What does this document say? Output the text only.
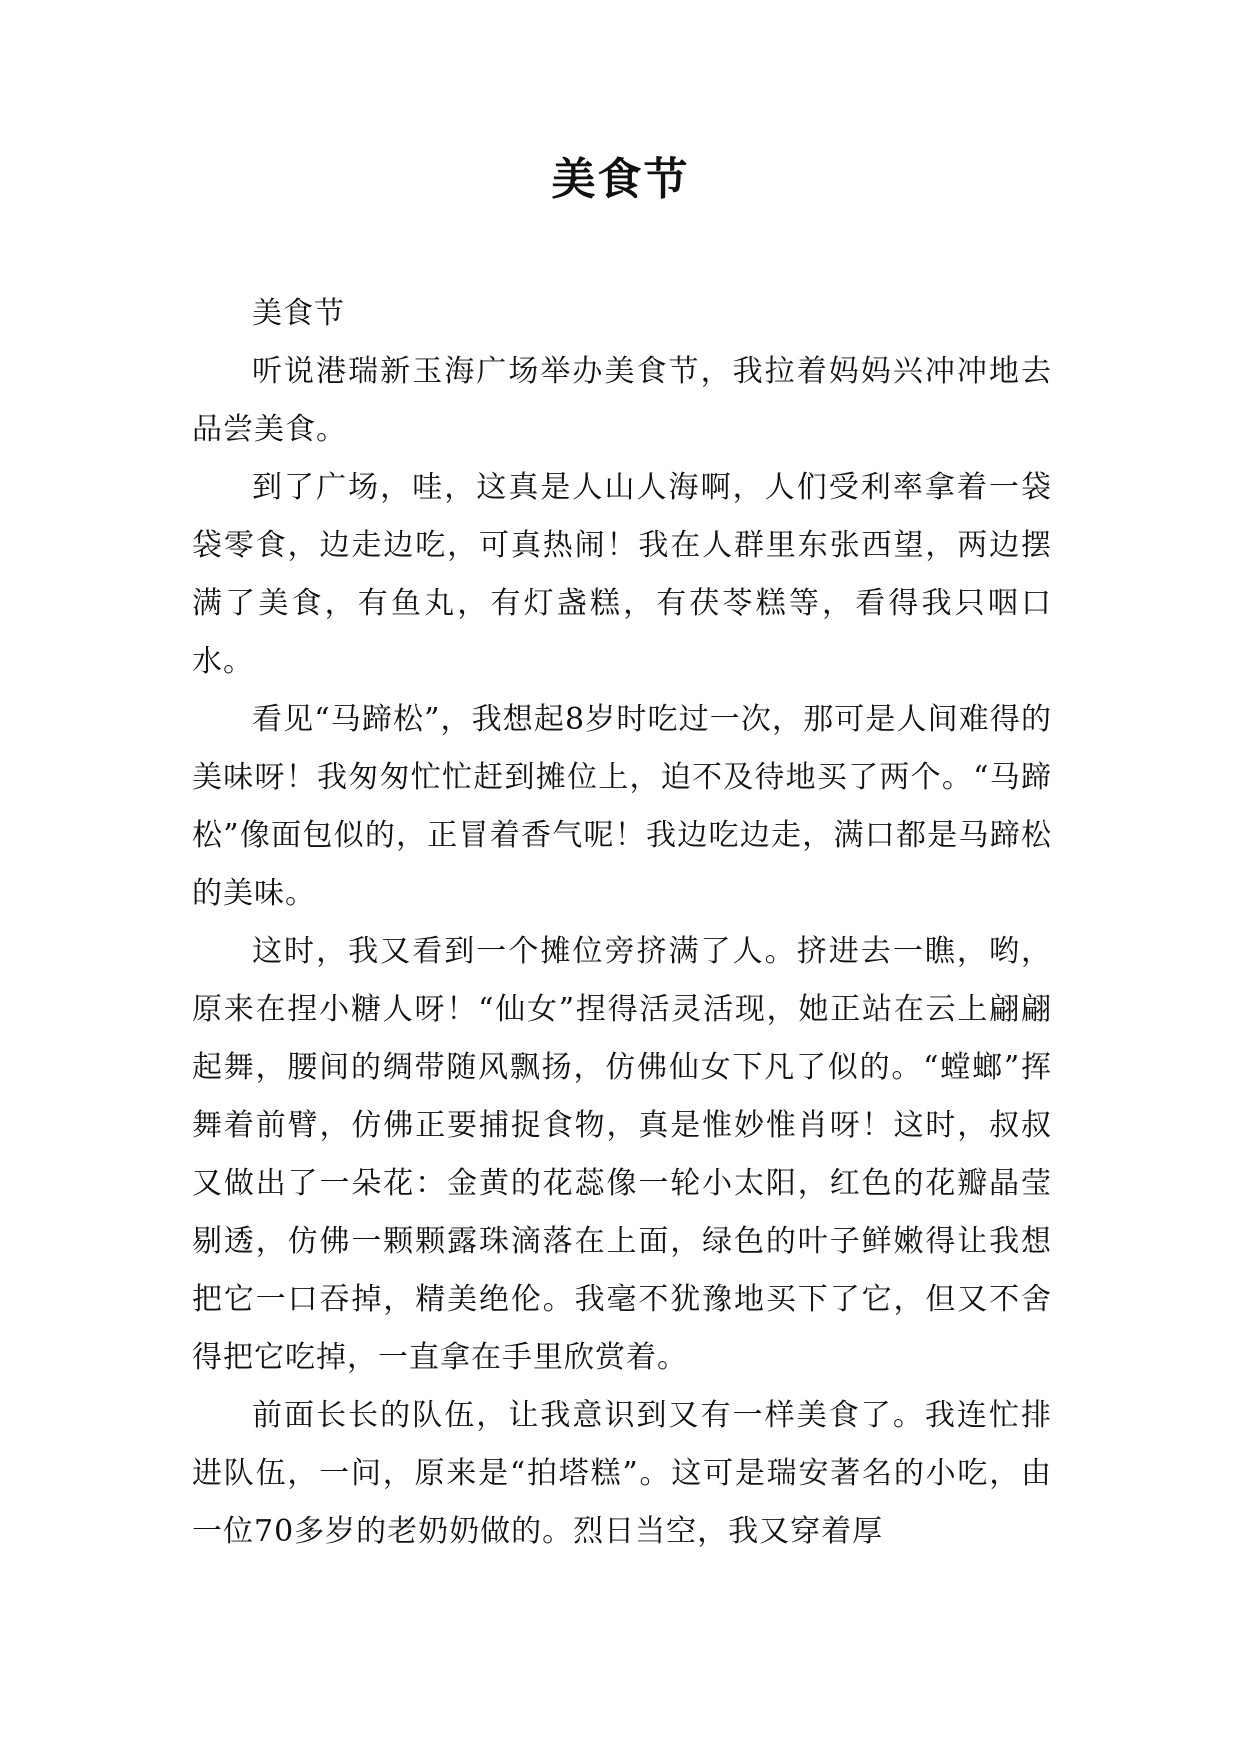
美食节

美食节

听说港瑞新玉海广场举办美食节，我拉着妈妈兴冲冲地去品尝美食。

到了广场，哇，这真是人山人海啊，人们受利率拿着一袋袋零食，边走边吃，可真热闹！我在人群里东张西望，两边摆满了美食，有鱼丸，有灯盏糕，有茯苓糕等，看得我只咽口水。

看见“马蹄松”，我想起8岁时吃过一次，那可是人间难得的美味呀！我匆匆忙忙赶到摊位上，迫不及待地买了两个。“马蹄松”像面包似的，正冒着香气呢！我边吃边走，满口都是马蹄松的美味。

这时，我又看到一个摊位旁挤满了人。挤进去一瞧，哟，原来在捏小糖人呀！“仙女”捏得活灵活现，她正站在云上翩翩起舞，腰间的绸带随风飘扬，仿佛仙女下凡了似的。“螳螂”挥舞着前臂，仿佛正要捕捉食物，真是惟妙惟肖呀！这时，叔叔又做出了一朵花：金黄的花蕊像一轮小太阳，红色的花瓣晶莹剔透，仿佛一颗颗露珠滴落在上面，绿色的叶子鲜嫩得让我想把它一口吞掉，精美绝伦。我毫不犹豫地买下了它，但又不舍得把它吃掉，一直拿在手里欣赏着。

前面长长的队伍，让我意识到又有一样美食了。我连忙排进队伍，一问，原来是“拍塔糕”。这可是瑞安著名的小吃，由一位70多岁的老奶奶做的。烈日当空，我又穿着厚
